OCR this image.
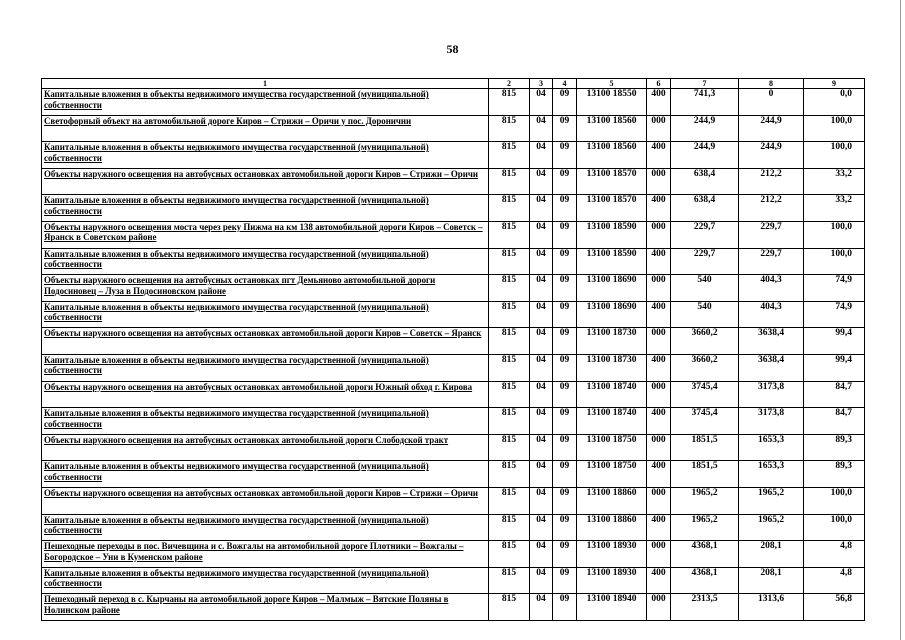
58
1	2	3	4	5	6	7	8	9
Капитальные вложения в объекты недвижимого имущества государственной (муниципальной) собственности	815	04	09	13100 18550	400	741,3	0	0,0
Светофорный объект на автомобильной дороге Киров – Стрижи – Оричи у пос. Доронични	815	04	09	13100 18560	000	244,9	244,9	100,0
Капитальные вложения в объекты недвижимого имущества государственной (муниципальной) собственности	815	04	09	13100 18560	400	244,9	244,9	100,0
Объекты наружного освещения на автобусных остановках автомобильной дороги Киров – Стрижи – Оричи	815	04	09	13100 18570	000	638,4	212,2	33,2
Капитальные вложения в объекты недвижимого имущества государственной (муниципальной) собственности	815	04	09	13100 18570	400	638,4	212,2	33,2
Объекты наружного освещения моста через реку Пижма на км 138 автомобильной дороги Киров – Советск – Яранск в Советском районе	815	04	09	13100 18590	000	229,7	229,7	100,0
Капитальные вложения в объекты недвижимого имущества государственной (муниципальной) собственности	815	04	09	13100 18590	400	229,7	229,7	100,0
Объекты наружного освещения на автобусных остановках пгт Демьяново автомобильной дороги Подосиновец – Луза в Подосиновском районе	815	04	09	13100 18690	000	540	404,3	74,9
Капитальные вложения в объекты недвижимого имущества государственной (муниципальной) собственности	815	04	09	13100 18690	400	540	404,3	74,9
Объекты наружного освещения на автобусных остановках автомобильной дороги Киров – Советск – Яранск	815	04	09	13100 18730	000	3660,2	3638,4	99,4
Капитальные вложения в объекты недвижимого имущества государственной (муниципальной) собственности	815	04	09	13100 18730	400	3660,2	3638,4	99,4
Объекты наружного освещения на автобусных остановках автомобильной дороги Южный обход г. Кирова	815	04	09	13100 18740	000	3745,4	3173,8	84,7
Капитальные вложения в объекты недвижимого имущества государственной (муниципальной) собственности	815	04	09	13100 18740	400	3745,4	3173,8	84,7
Объекты наружного освещения на автобусных остановках автомобильной дороги Слободской тракт	815	04	09	13100 18750	000	1851,5	1653,3	89,3
Капитальные вложения в объекты недвижимого имущества государственной (муниципальной) собственности	815	04	09	13100 18750	400	1851,5	1653,3	89,3
Объекты наружного освещения на автобусных остановках автомобильной дороги Киров – Стрижи – Оричи	815	04	09	13100 18860	000	1965,2	1965,2	100,0
Капитальные вложения в объекты недвижимого имущества государственной (муниципальной) собственности	815	04	09	13100 18860	400	1965,2	1965,2	100,0
Пешеходные переходы в пос. Вичевщина и с. Вожгалы на автомобильной дороге Плотники – Вожгалы – Богородское – Уни в Куменском районе	815	04	09	13100 18930	000	4368,1	208,1	4,8
Капитальные вложения в объекты недвижимого имущества государственной (муниципальной) собственности	815	04	09	13100 18930	400	4368,1	208,1	4,8
Пешеходный переход в с. Кырчаны на автомобильной дороге Киров – Малмыж – Вятские Поляны в Нолинском районе	815	04	09	13100 18940	000	2313,5	1313,6	56,8
